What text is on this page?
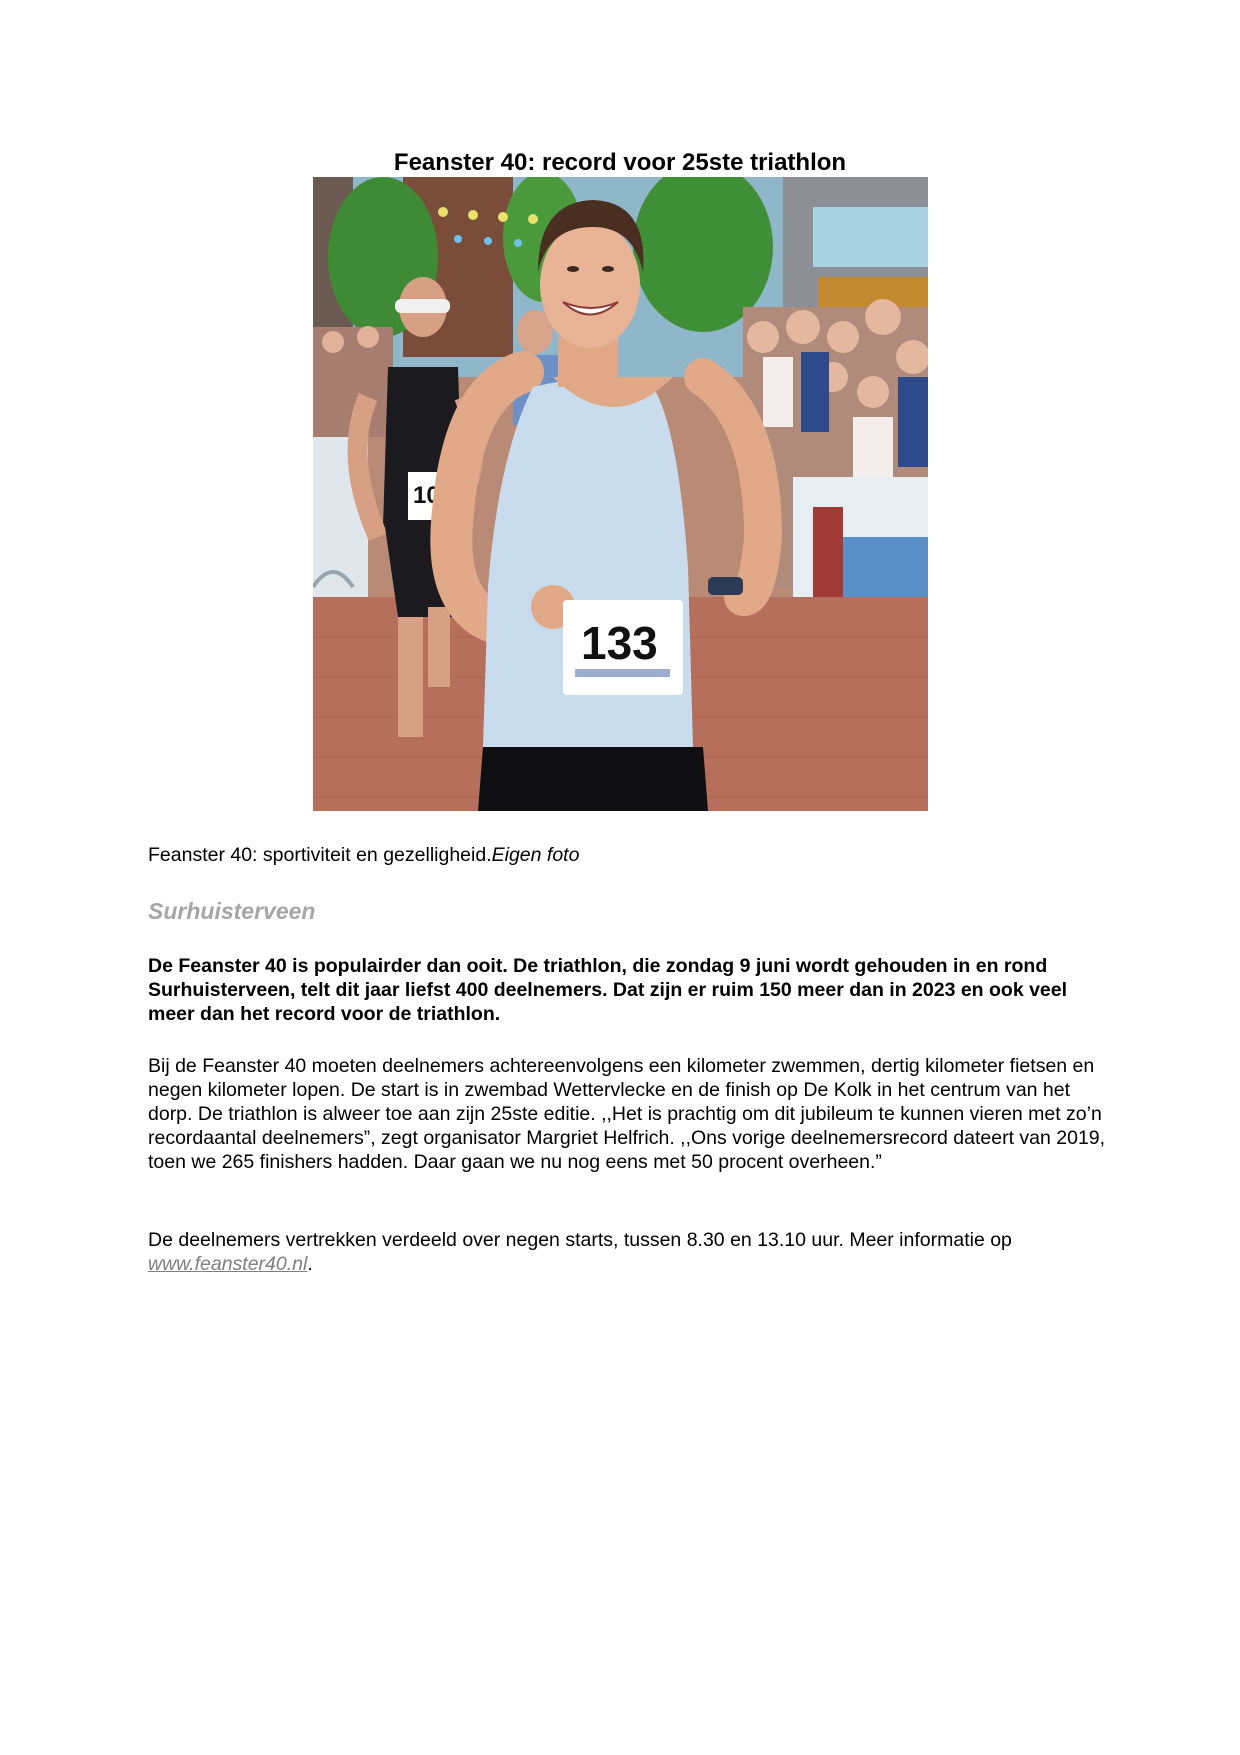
Feanster 40: record voor 25ste triathlon
103
133

Feanster 40: sportiviteit en gezelligheid.Eigen foto

Surhuisterveen

De Feanster 40 is populairder dan ooit. De triathlon, die zondag 9 juni wordt gehouden in en rond Surhuisterveen, telt dit jaar liefst 400 deelnemers. Dat zijn er ruim 150 meer dan in 2023 en ook veel meer dan het record voor de triathlon.

Bij de Feanster 40 moeten deelnemers achtereenvolgens een kilometer zwemmen, dertig kilometer fietsen en negen kilometer lopen. De start is in zwembad Wettervlecke en de finish op De Kolk in het centrum van het dorp. De triathlon is alweer toe aan zijn 25ste editie. ,,Het is prachtig om dit jubileum te kunnen vieren met zo’n recordaantal deelnemers”, zegt organisator Margriet Helfrich. ,,Ons vorige deelnemersrecord dateert van 2019, toen we 265 finishers hadden. Daar gaan we nu nog eens met 50 procent overheen.”

De deelnemers vertrekken verdeeld over negen starts, tussen 8.30 en 13.10 uur. Meer informatie op www.feanster40.nl.
